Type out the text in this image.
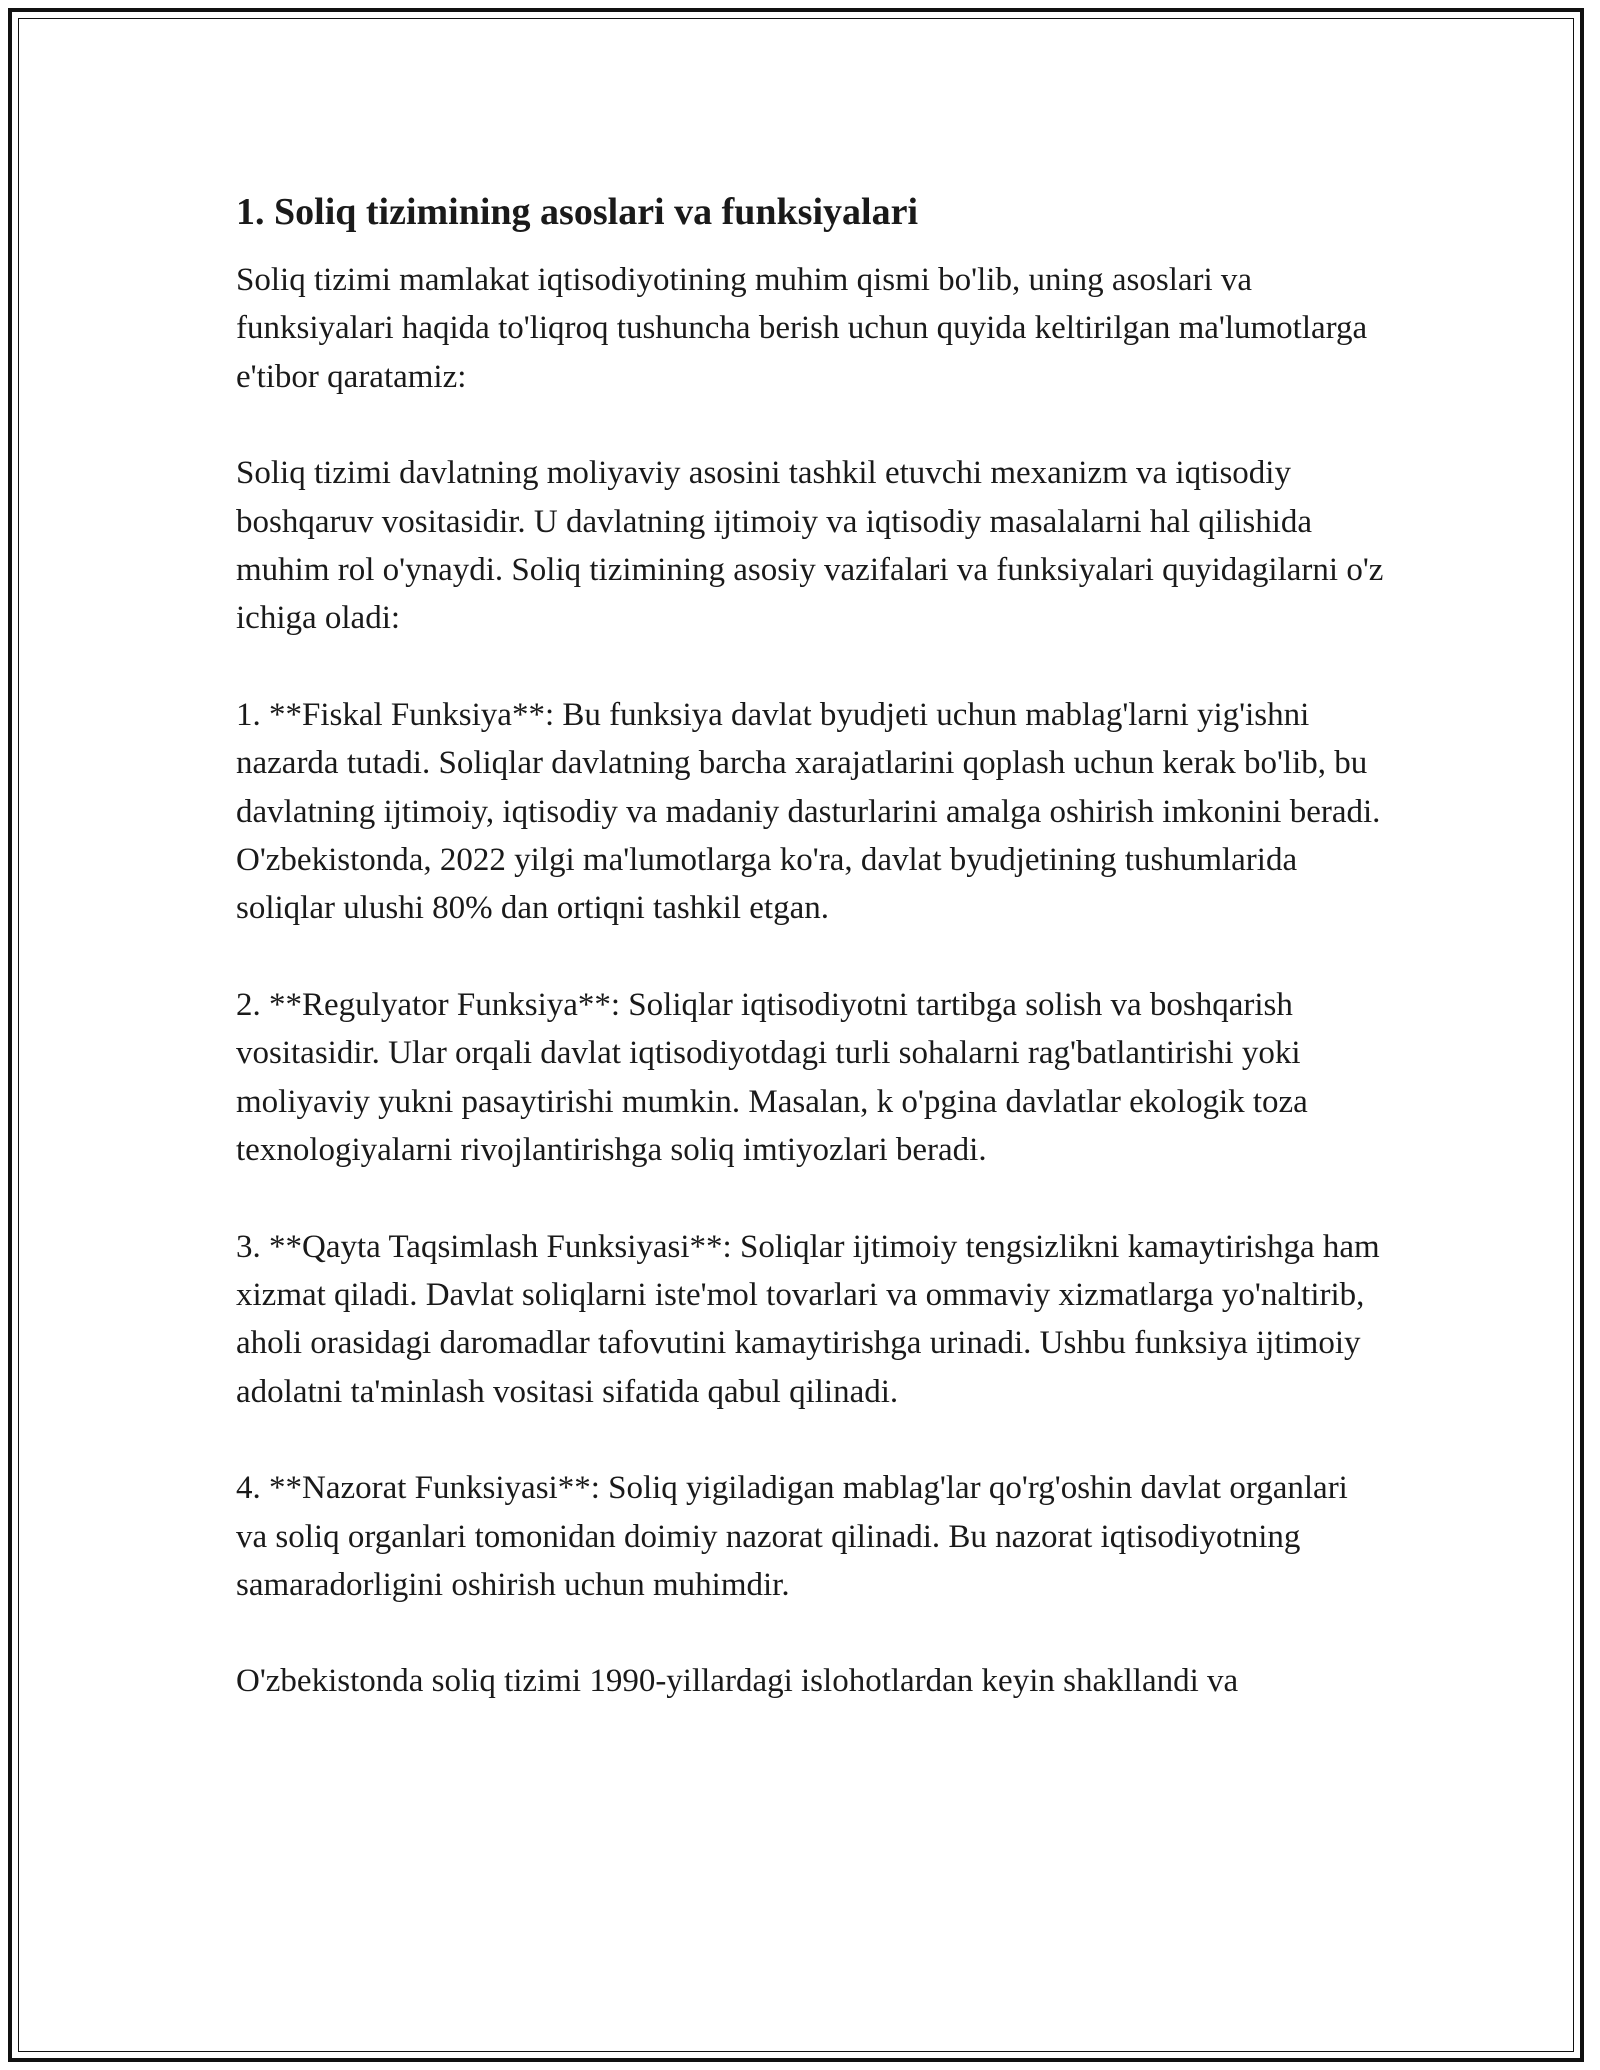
1. Soliq tizimining asoslari va funksiyalari

Soliq tizimi mamlakat iqtisodiyotining muhim qismi bo'lib, uning asoslari va funksiyalari haqida to'liqroq tushuncha berish uchun quyida keltirilgan ma'lumotlarga e'tibor qaratamiz:

Soliq tizimi davlatning moliyaviy asosini tashkil etuvchi mexanizm va iqtisodiy boshqaruv vositasidir. U davlatning ijtimoiy va iqtisodiy masalalarni hal qilishida muhim rol o'ynaydi. Soliq tizimining asosiy vazifalari va funksiyalari quyidagilarni o'z ichiga oladi:

1. **Fiskal Funksiya**: Bu funksiya davlat byudjeti uchun mablag'larni yig'ishni nazarda tutadi. Soliqlar davlatning barcha xarajatlarini qoplash uchun kerak bo'lib, bu davlatning ijtimoiy, iqtisodiy va madaniy dasturlarini amalga oshirish imkonini beradi. O'zbekistonda, 2022 yilgi ma'lumotlarga ko'ra, davlat byudjetining tushumlarida soliqlar ulushi 80% dan ortiqni tashkil etgan.

2. **Regulyator Funksiya**: Soliqlar iqtisodiyotni tartibga solish va boshqarish vositasidir. Ular orqali davlat iqtisodiyotdagi turli sohalarni rag'batlantirishi yoki moliyaviy yukni pasaytirishi mumkin. Masalan, k o'pgina davlatlar ekologik toza texnologiyalarni rivojlantirishga soliq imtiyozlari beradi.

3. **Qayta Taqsimlash Funksiyasi**: Soliqlar ijtimoiy tengsizlikni kamaytirishga ham xizmat qiladi. Davlat soliqlarni iste'mol tovarlari va ommaviy xizmatlarga yo'naltirib, aholi orasidagi daromadlar tafovutini kamaytirishga urinadi. Ushbu funksiya ijtimoiy adolatni ta'minlash vositasi sifatida qabul qilinadi.

4. **Nazorat Funksiyasi**: Soliq yigiladigan mablag'lar qo'rg'oshin davlat organlari va soliq organlari tomonidan doimiy nazorat qilinadi. Bu nazorat iqtisodiyotning samaradorligini oshirish uchun muhimdir.

O'zbekistonda soliq tizimi 1990-yillardagi islohotlardan keyin shakllandi va
